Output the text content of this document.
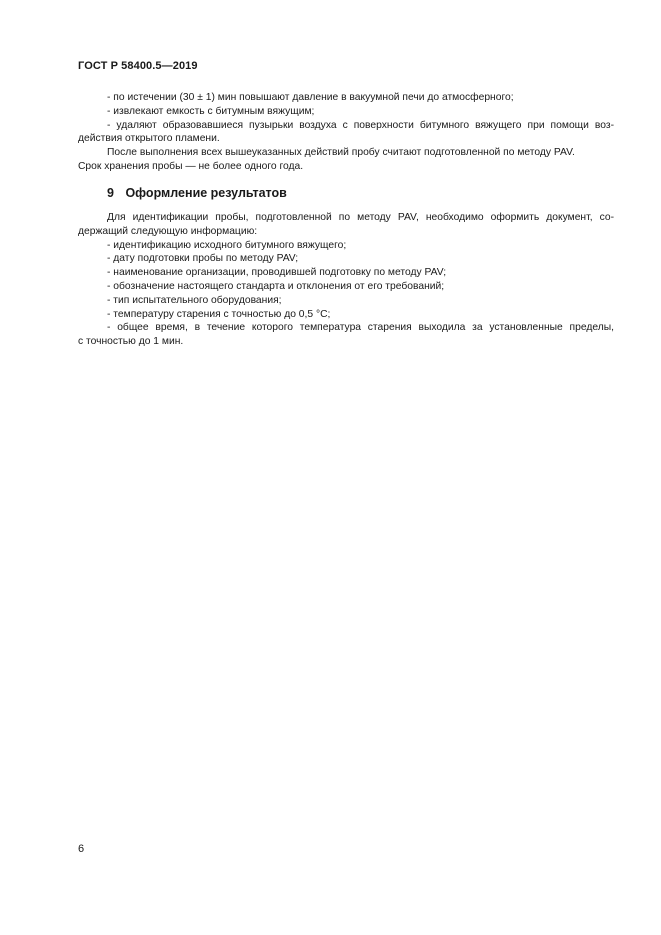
ГОСТ Р 58400.5—2019
- по истечении (30 ± 1) мин повышают давление в вакуумной печи до атмосферного;
- извлекают емкость с битумным вяжущим;
- удаляют образовавшиеся пузырьки воздуха с поверхности битумного вяжущего при помощи воз-
действия открытого пламени.
После выполнения всех вышеуказанных действий пробу считают подготовленной по методу PAV.
Срок хранения пробы — не более одного года.
9 Оформление результатов
Для идентификации пробы, подготовленной по методу PAV, необходимо оформить документ, со-
держащий следующую информацию:
- идентификацию исходного битумного вяжущего;
- дату подготовки пробы по методу PAV;
- наименование организации, проводившей подготовку по методу PAV;
- обозначение настоящего стандарта и отклонения от его требований;
- тип испытательного оборудования;
- температуру старения с точностью до 0,5 °С;
- общее время, в течение которого температура старения выходила за установленные пределы,
с точностью до 1 мин.
6
